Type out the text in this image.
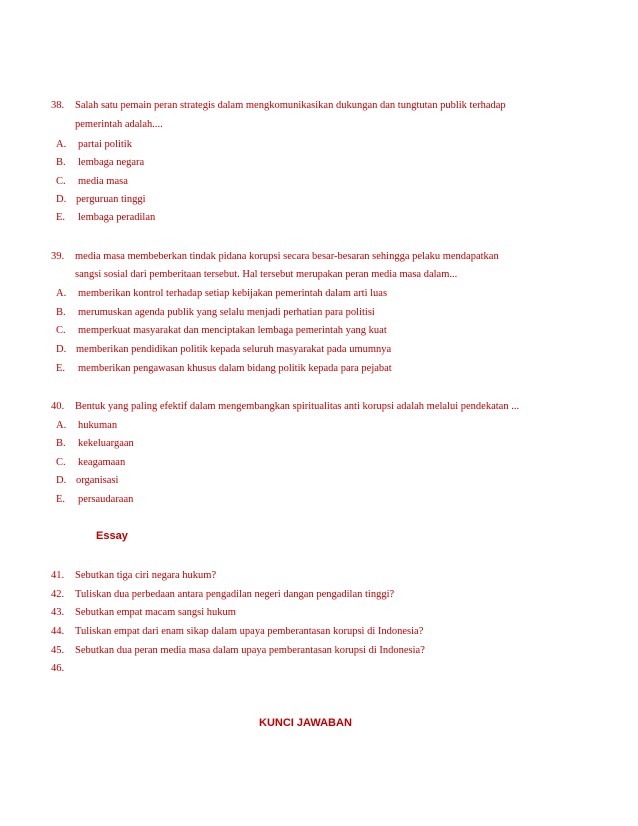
38. Salah satu pemain peran strategis dalam mengkomunikasikan dukungan dan tungtutan publik terhadap
pemerintah adalah....
A. partai politik
B. lembaga negara
C. media masa
D. perguruan tinggi
E. lembaga peradilan
39. media masa membeberkan tindak pidana korupsi secara besar-besaran sehingga pelaku mendapatkan
sangsi sosial dari pemberitaan tersebut. Hal tersebut merupakan peran media masa dalam...
A. memberikan kontrol terhadap setiap kebijakan pemerintah dalam arti luas
B. merumuskan agenda publik yang selalu menjadi perhatian para politisi
C. memperkuat masyarakat dan menciptakan lembaga pemerintah yang kuat
D. memberikan pendidikan politik kepada seluruh masyarakat pada umumnya
E. memberikan pengawasan khusus dalam bidang politik kepada para pejabat
40. Bentuk yang paling efektif dalam mengembangkan spiritualitas anti korupsi adalah melalui pendekatan ...
A. hukuman
B. kekeluargaan
C. keagamaan
D. organisasi
E. persaudaraan
Essay
41. Sebutkan tiga ciri negara hukum?
42. Tuliskan dua perbedaan antara pengadilan negeri dangan pengadilan tinggi?
43. Sebutkan empat macam sangsi hukum
44. Tuliskan empat dari enam sikap dalam upaya pemberantasan korupsi di Indonesia?
45. Sebutkan dua peran media masa dalam upaya pemberantasan korupsi di Indonesia?
46.
KUNCI JAWABAN
